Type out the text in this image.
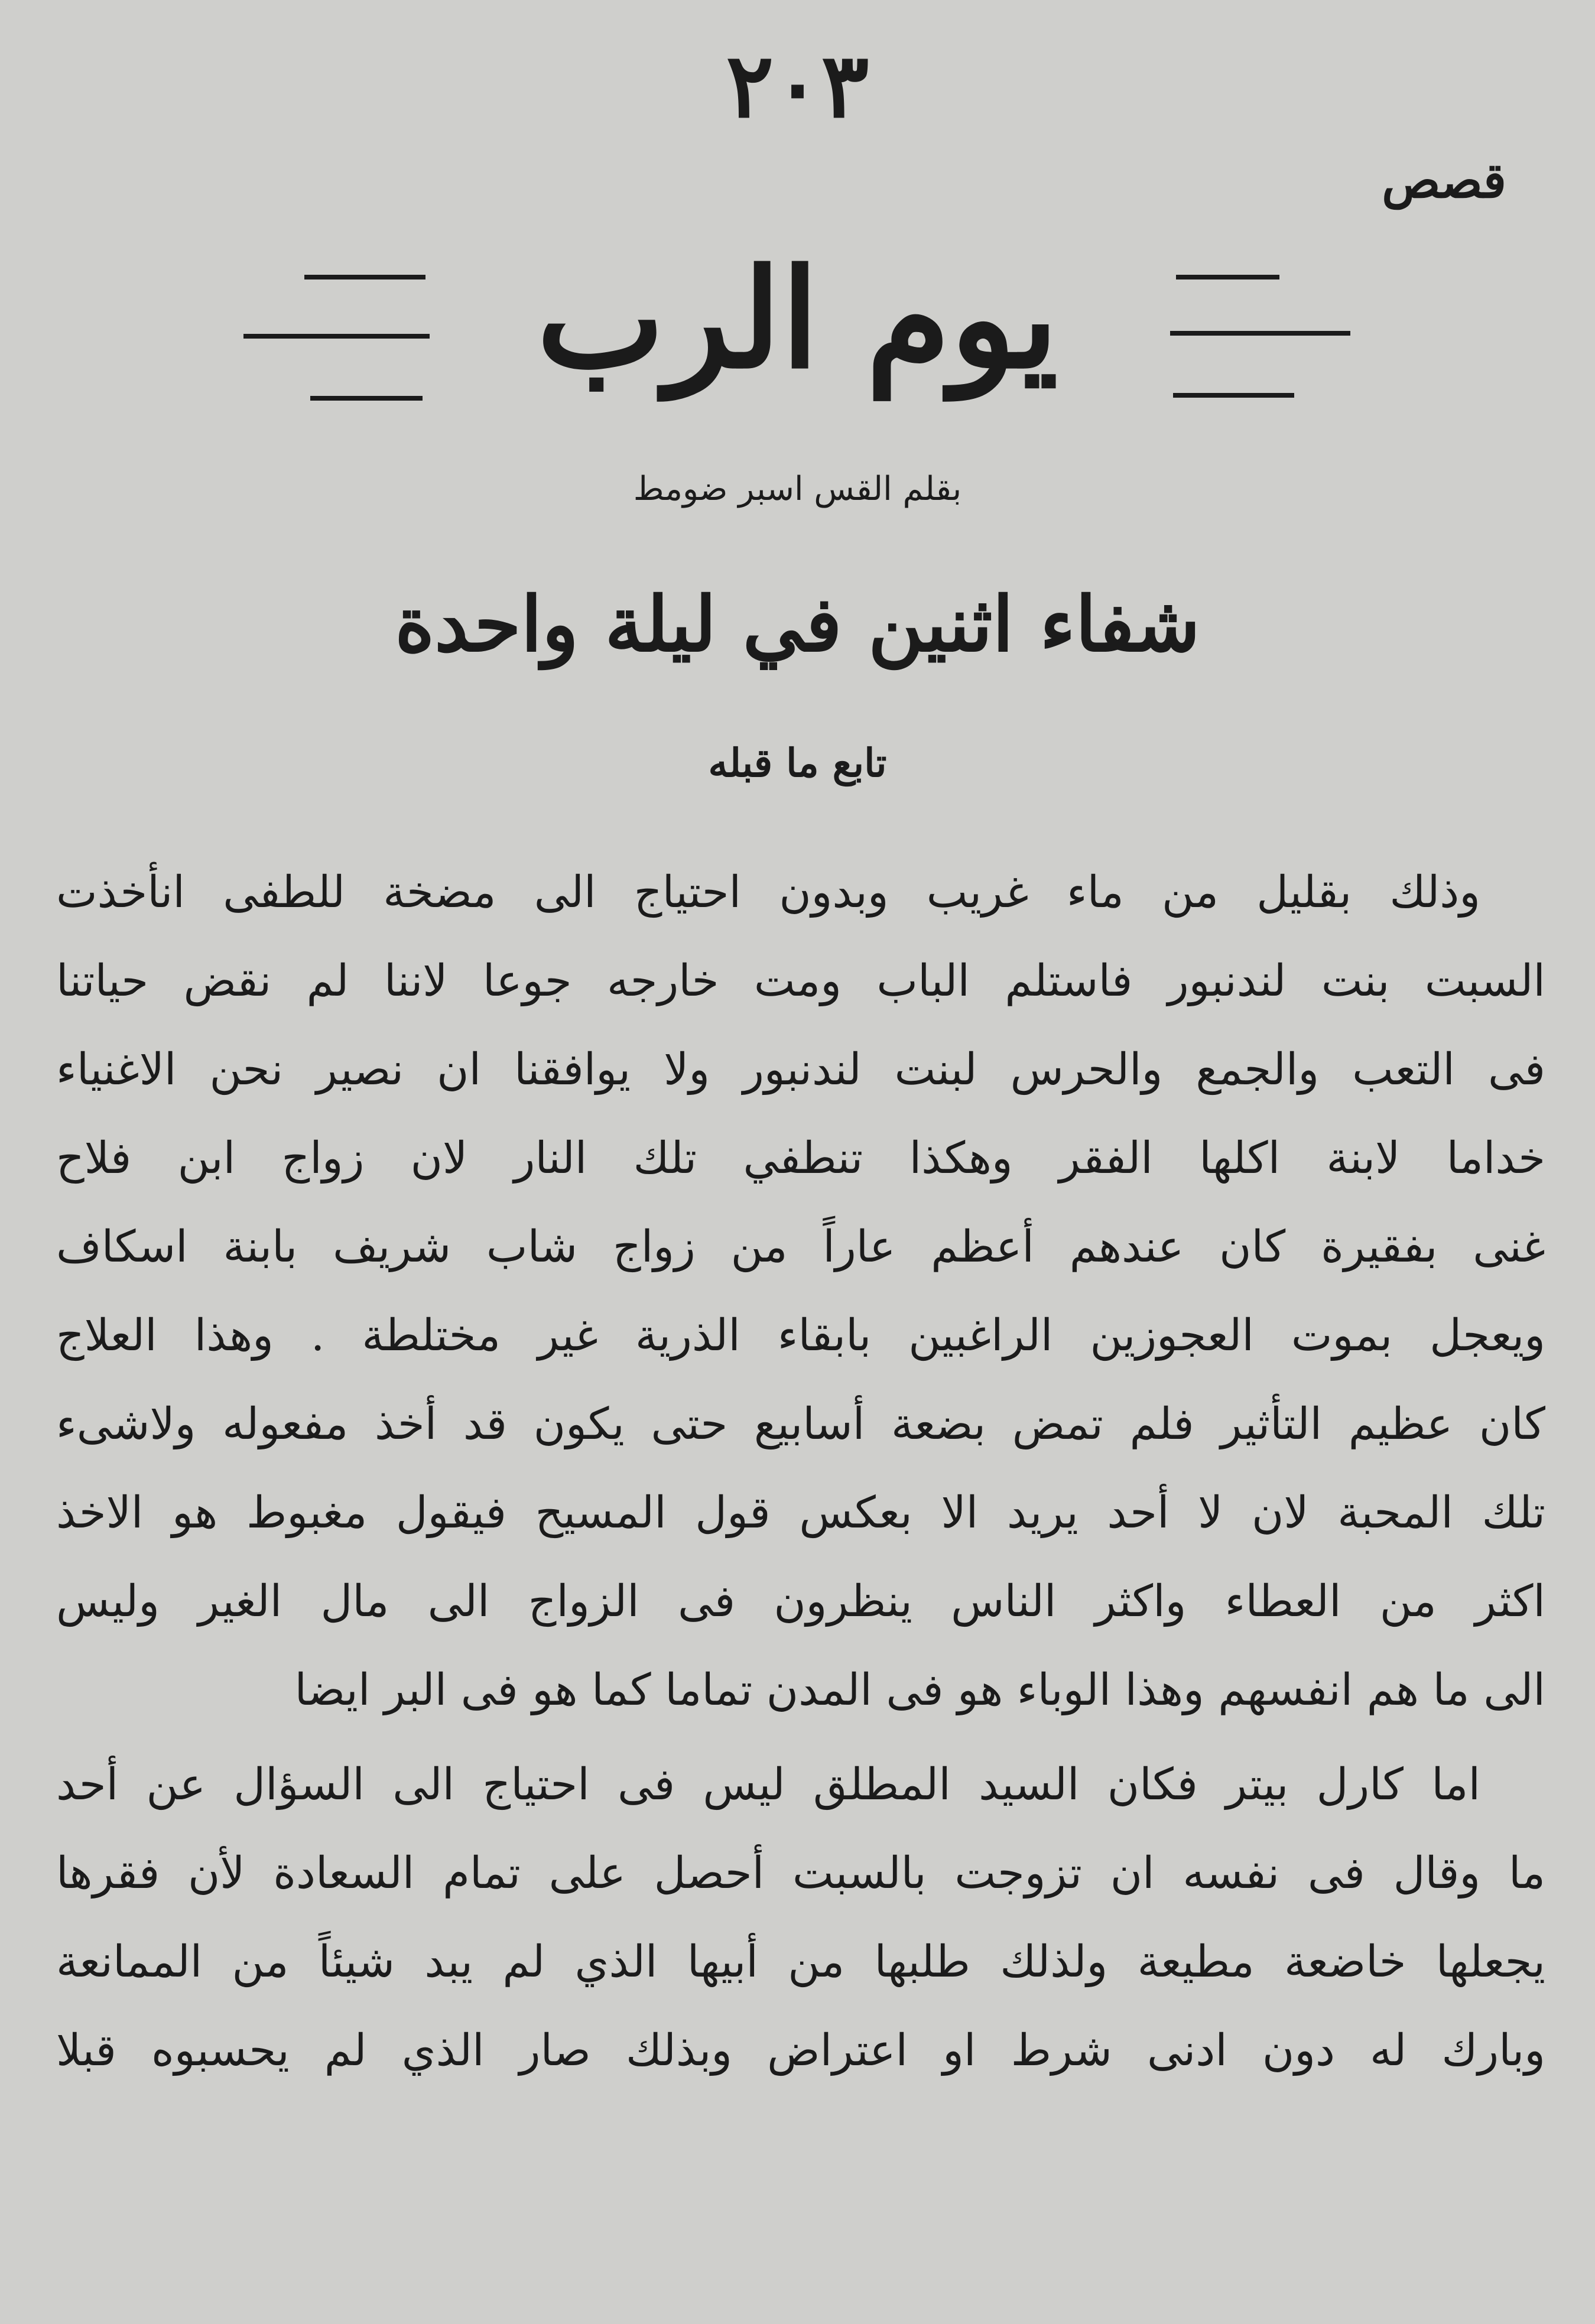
٢٠٣
قصص
يوم الرب
بقلم القس اسبر ضومط
شفاء اثنين في ليلة واحدة
تابع ما قبله
وذلك بقليل من ماء غريب وبدون احتياج الى مضخة للطفى انأخذت
السبت بنت لندنبور فاستلم الباب ومت خارجه جوعا لاننا لم نقض حياتنا
فى التعب والجمع والحرس لبنت لندنبور ولا يوافقنا ان نصير نحن الاغنياء
خداما لابنة اكلها الفقر وهكذا تنطفي تلك النار لان زواج ابن فلاح
غنى بفقيرة كان عندهم أعظم عاراً من زواج شاب شريف بابنة اسكاف
ويعجل بموت العجوزين الراغبين بابقاء الذرية غير مختلطة . وهذا العلاج
كان عظيم التأثير فلم تمض بضعة أسابيع حتى يكون قد أخذ مفعوله ولاشىء
تلك المحبة لان لا أحد يريد الا بعكس قول المسيح فيقول مغبوط هو الاخذ
اكثر من العطاء واكثر الناس ينظرون فى الزواج الى مال الغير وليس
الى ما هم انفسهم وهذا الوباء هو فى المدن تماما كما هو فى البر ايضا
اما كارل بيتر فكان السيد المطلق ليس فى احتياج الى السؤال عن أحد
ما وقال فى نفسه ان تزوجت بالسبت أحصل على تمام السعادة لأن فقرها
يجعلها خاضعة مطيعة ولذلك طلبها من أبيها الذي لم يبد شيئاً من الممانعة
وبارك له دون ادنى شرط او اعتراض وبذلك صار الذي لم يحسبوه قبلا
